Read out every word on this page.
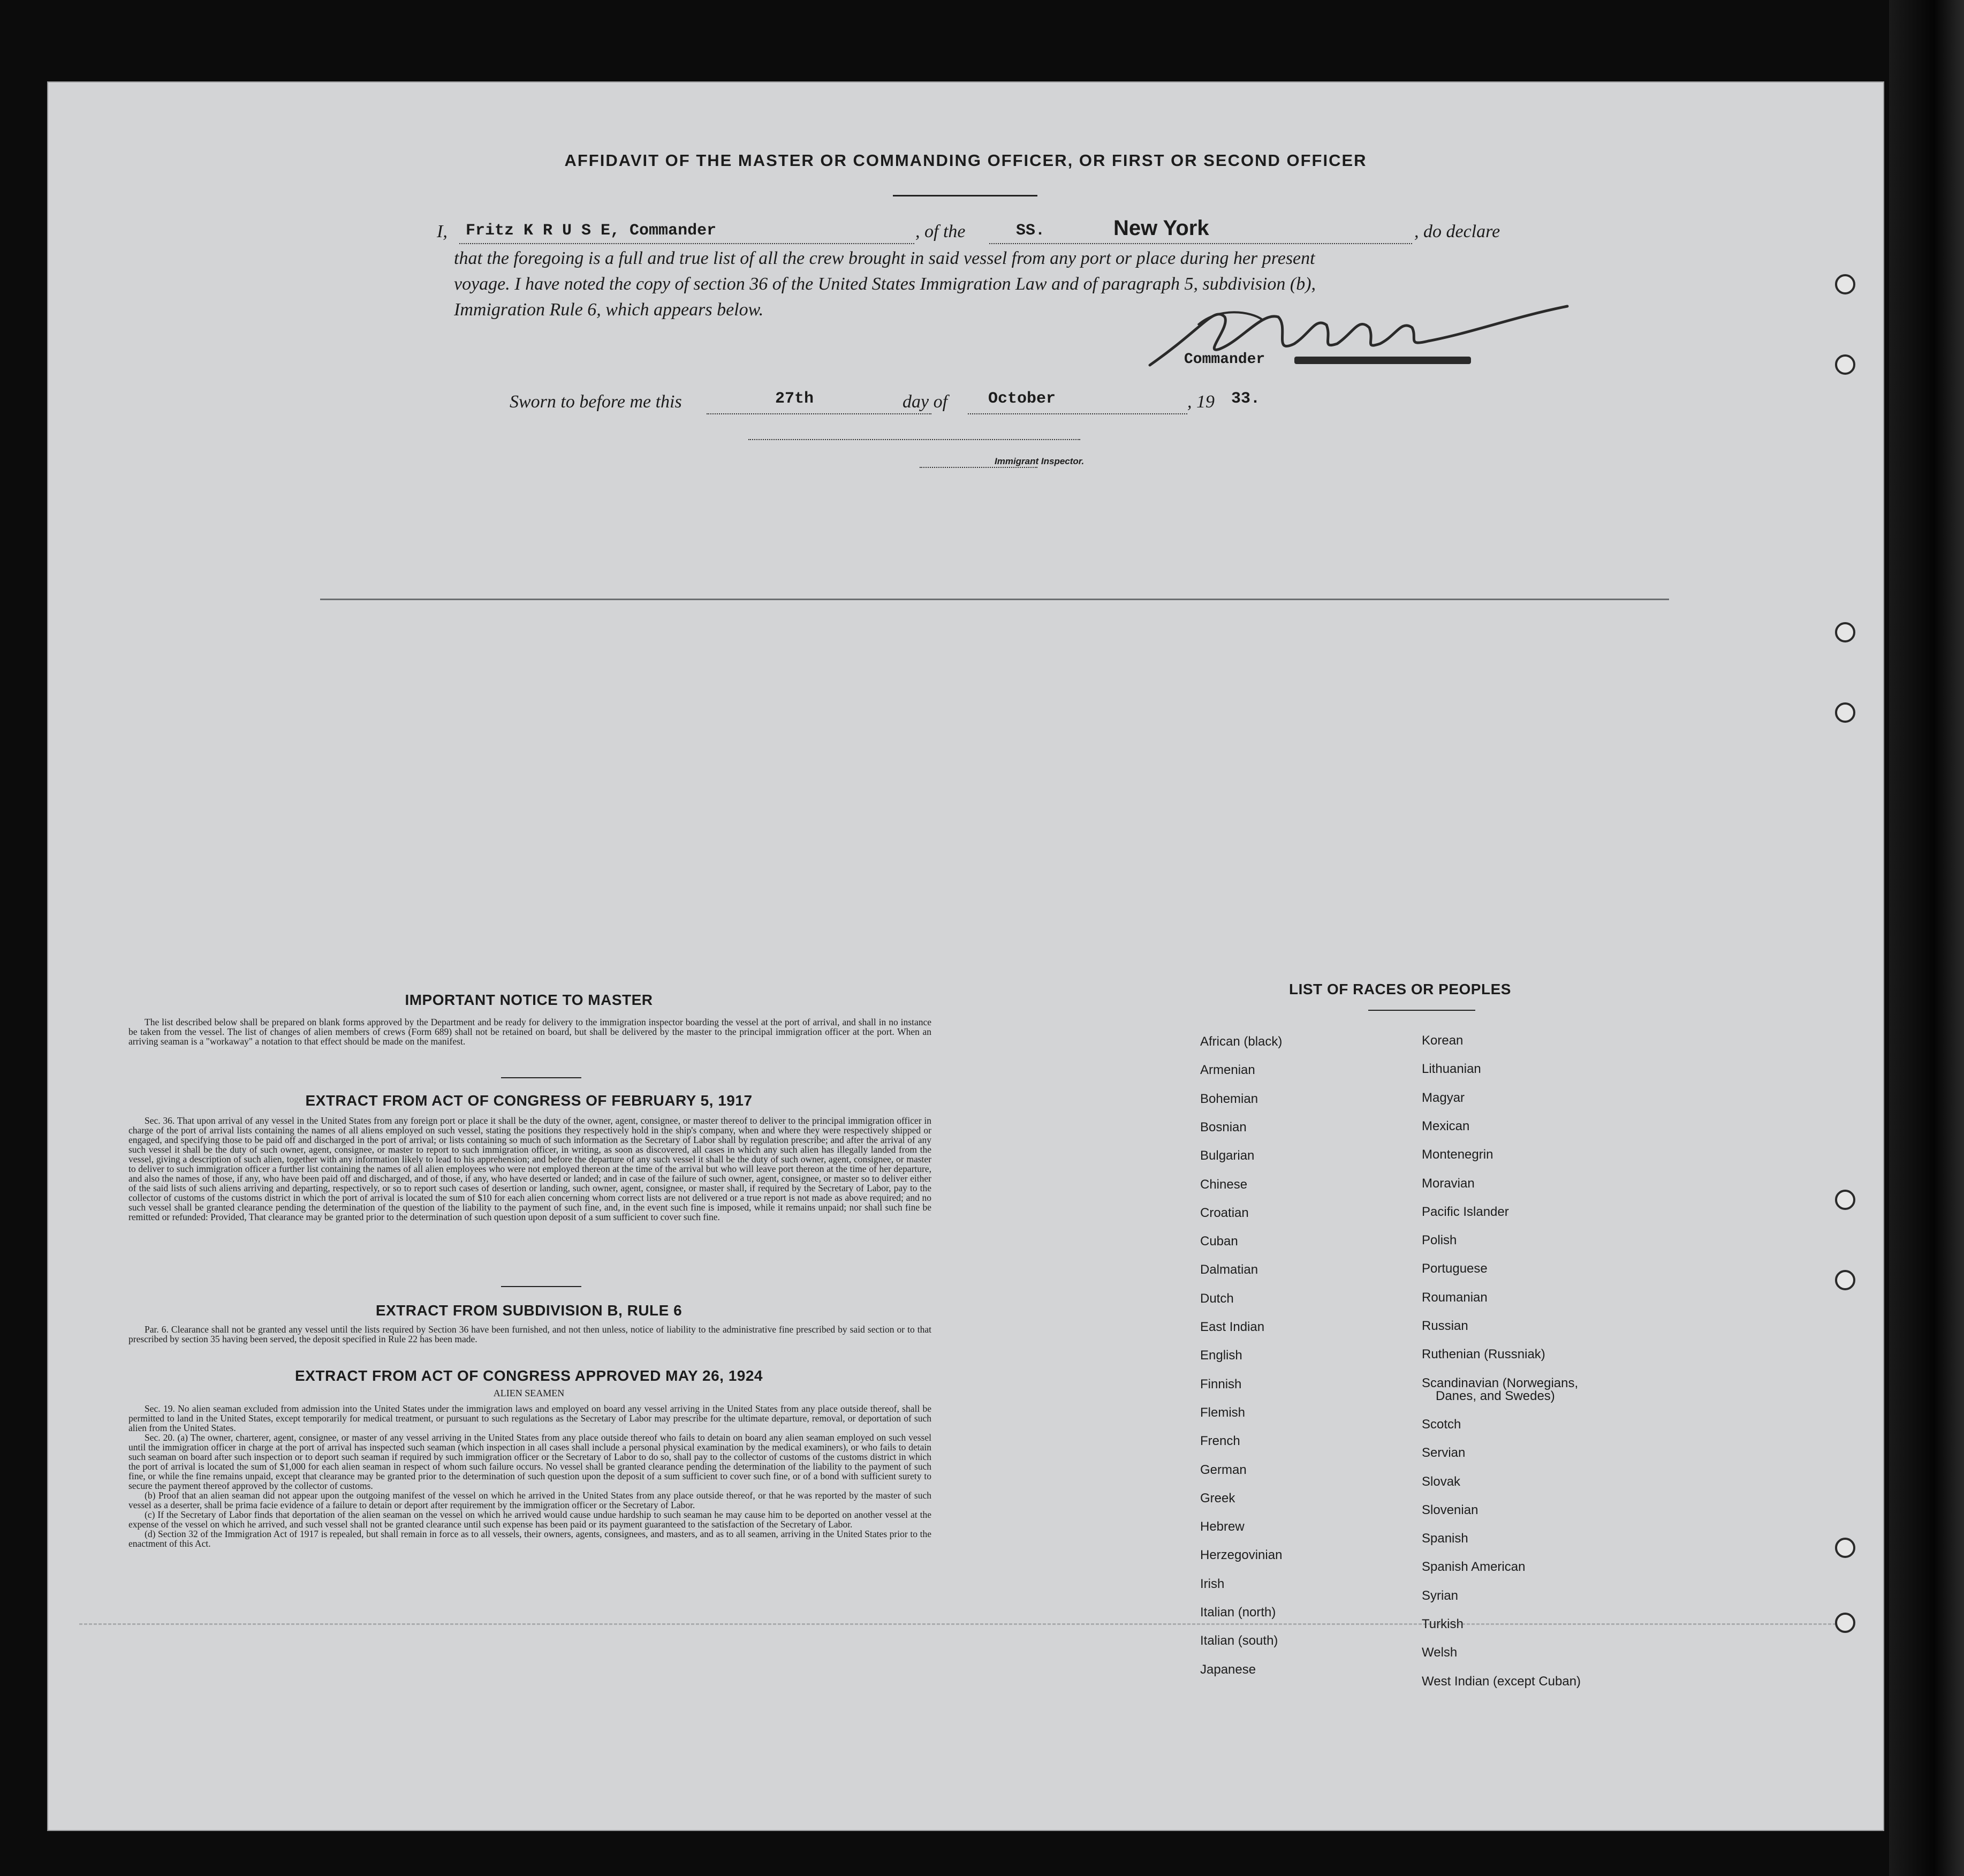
AFFIDAVIT OF THE MASTER OR COMMANDING OFFICER, OR FIRST OR SECOND OFFICER
I, Fritz K R U S E, Commander	, of the	SS.	New York	, do declare
that the foregoing is a full and true list of all the crew brought in said vessel from any port or place during her present
voyage. I have noted the copy of section 36 of the United States Immigration Law and of paragraph 5, subdivision (b),
Immigration Rule 6, which appears below.
Commander
Sworn to before me this	27th	day of	October	, 19 33.
Immigrant Inspector.
IMPORTANT NOTICE TO MASTER

The list described below shall be prepared on blank forms approved by the Department and be ready for delivery to the immigration inspector boarding the vessel at the port of arrival, and shall in no instance be taken from the vessel. The list of changes of alien members of crews (Form 689) shall not be retained on board, but shall be delivered by the master to the principal immigration officer at the port. When an arriving seaman is a "workaway" a notation to that effect should be made on the manifest.

EXTRACT FROM ACT OF CONGRESS OF FEBRUARY 5, 1917

Sec. 36. That upon arrival of any vessel in the United States from any foreign port or place it shall be the duty of the owner, agent, consignee, or master thereof to deliver to the principal immigration officer in charge of the port of arrival lists containing the names of all aliens employed on such vessel, stating the positions they respectively hold in the ship's company, when and where they were respectively shipped or engaged, and specifying those to be paid off and discharged in the port of arrival; or lists containing so much of such information as the Secretary of Labor shall by regulation prescribe; and after the arrival of any such vessel it shall be the duty of such owner, agent, consignee, or master to report to such immigration officer, in writing, as soon as discovered, all cases in which any such alien has illegally landed from the vessel, giving a description of such alien, together with any information likely to lead to his apprehension; and before the departure of any such vessel it shall be the duty of such owner, agent, consignee, or master to deliver to such immigration officer a further list containing the names of all alien employees who were not employed thereon at the time of the arrival but who will leave port thereon at the time of her departure, and also the names of those, if any, who have been paid off and discharged, and of those, if any, who have deserted or landed; and in case of the failure of such owner, agent, consignee, or master so to deliver either of the said lists of such aliens arriving and departing, respectively, or so to report such cases of desertion or landing, such owner, agent, consignee, or master shall, if required by the Secretary of Labor, pay to the collector of customs of the customs district in which the port of arrival is located the sum of $10 for each alien concerning whom correct lists are not delivered or a true report is not made as above required; and no such vessel shall be granted clearance pending the determination of the question of the liability to the payment of such fine, and, in the event such fine is imposed, while it remains unpaid; nor shall such fine be remitted or refunded: Provided, That clearance may be granted prior to the determination of such question upon deposit of a sum sufficient to cover such fine.

EXTRACT FROM SUBDIVISION B, RULE 6

Par. 6. Clearance shall not be granted any vessel until the lists required by Section 36 have been furnished, and not then unless, notice of liability to the administrative fine prescribed by said section or to that prescribed by section 35 having been served, the deposit specified in Rule 22 has been made.

EXTRACT FROM ACT OF CONGRESS APPROVED MAY 26, 1924
ALIEN SEAMEN

Sec. 19. No alien seaman excluded from admission into the United States under the immigration laws and employed on board any vessel arriving in the United States from any place outside thereof, shall be permitted to land in the United States, except temporarily for medical treatment, or pursuant to such regulations as the Secretary of Labor may prescribe for the ultimate departure, removal, or deportation of such alien from the United States.

Sec. 20. (a) The owner, charterer, agent, consignee, or master of any vessel arriving in the United States from any place outside thereof who fails to detain on board any alien seaman employed on such vessel until the immigration officer in charge at the port of arrival has inspected such seaman (which inspection in all cases shall include a personal physical examination by the medical examiners), or who fails to detain such seaman on board after such inspection or to deport such seaman if required by such immigration officer or the Secretary of Labor to do so, shall pay to the collector of customs of the customs district in which the port of arrival is located the sum of $1,000 for each alien seaman in respect of whom such failure occurs. No vessel shall be granted clearance pending the determination of the liability to the payment of such fine, or while the fine remains unpaid, except that clearance may be granted prior to the determination of such question upon the deposit of a sum sufficient to cover such fine, or of a bond with sufficient surety to secure the payment thereof approved by the collector of customs.

(b) Proof that an alien seaman did not appear upon the outgoing manifest of the vessel on which he arrived in the United States from any place outside thereof, or that he was reported by the master of such vessel as a deserter, shall be prima facie evidence of a failure to detain or deport after requirement by the immigration officer or the Secretary of Labor.

(c) If the Secretary of Labor finds that deportation of the alien seaman on the vessel on which he arrived would cause undue hardship to such seaman he may cause him to be deported on another vessel at the expense of the vessel on which he arrived, and such vessel shall not be granted clearance until such expense has been paid or its payment guaranteed to the satisfaction of the Secretary of Labor.

(d) Section 32 of the Immigration Act of 1917 is repealed, but shall remain in force as to all vessels, their owners, agents, consignees, and masters, and as to all seamen, arriving in the United States prior to the enactment of this Act.

LIST OF RACES OR PEOPLES
African (black)
Armenian
Bohemian
Bosnian
Bulgarian
Chinese
Croatian
Cuban
Dalmatian
Dutch
East Indian
English
Finnish
Flemish
French
German
Greek
Hebrew
Herzegovinian
Irish
Italian (north)
Italian (south)
Japanese
Korean
Lithuanian
Magyar
Mexican
Montenegrin
Moravian
Pacific Islander
Polish
Portuguese
Roumanian
Russian
Ruthenian (Russniak)
Scandinavian (Norwegians,
Danes, and Swedes)
Scotch
Servian
Slovak
Slovenian
Spanish
Spanish American
Syrian
Turkish
Welsh
West Indian (except Cuban)
